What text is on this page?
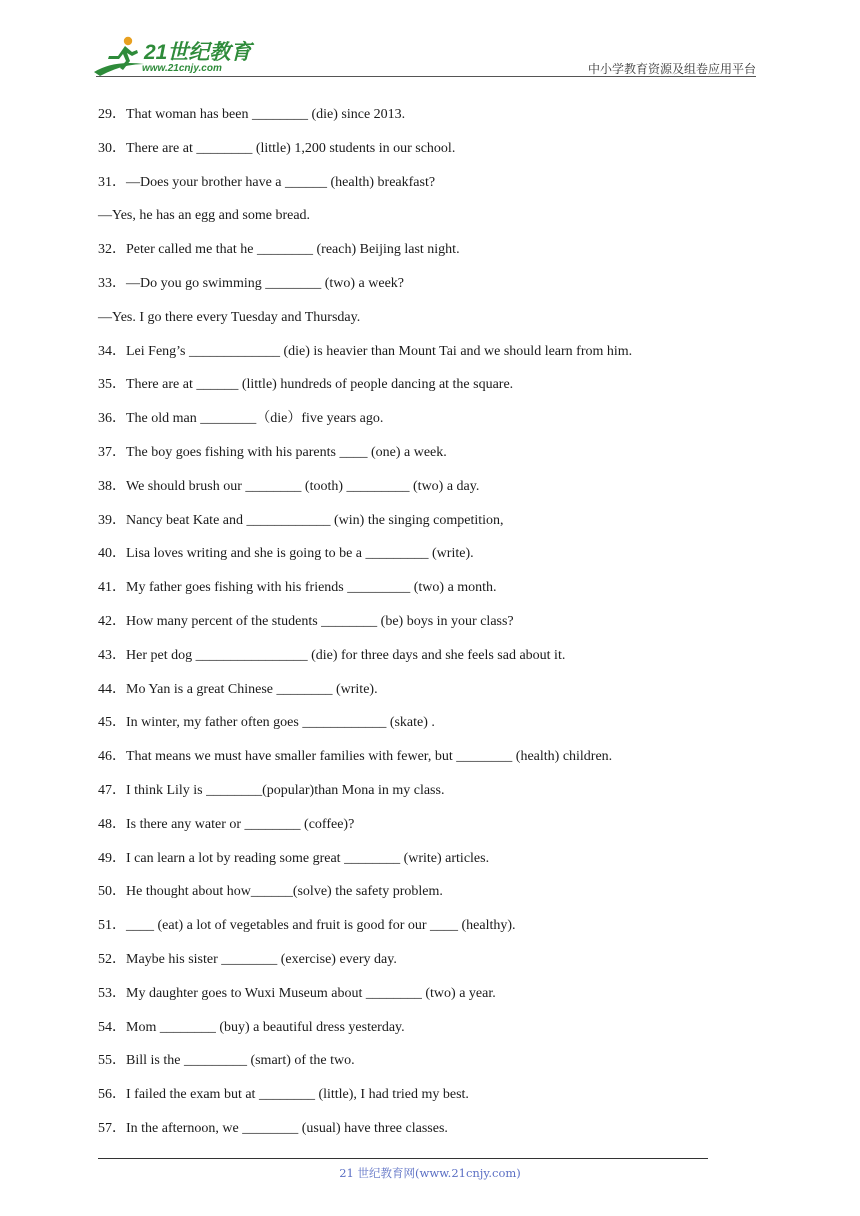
21世纪教育
www.21cnjy.com	中小学教育资源及组卷应用平台
29．That woman has been ________ (die) since 2013.
30．There are at ________ (little) 1,200 students in our school.
31．—Does your brother have a ______ (health) breakfast?
—Yes, he has an egg and some bread.
32．Peter called me that he ________ (reach) Beijing last night.
33．—Do you go swimming ________ (two) a week?
—Yes. I go there every Tuesday and Thursday.
34．Lei Feng’s _____________ (die) is heavier than Mount Tai and we should learn from him.
35．There are at ______ (little) hundreds of people dancing at the square.
36．The old man ________（die）five years ago.
37．The boy goes fishing with his parents ____ (one) a week.
38．We should brush our ________ (tooth) _________ (two) a day.
39．Nancy beat Kate and ____________ (win) the singing competition,
40．Lisa loves writing and she is going to be a _________ (write).
41．My father goes fishing with his friends _________ (two) a month.
42．How many percent of the students ________ (be) boys in your class?
43．Her pet dog ________________ (die) for three days and she feels sad about it.
44．Mo Yan is a great Chinese ________ (write).
45．In winter, my father often goes ____________ (skate) .
46．That means we must have smaller families with fewer, but ________ (health) children.
47．I think Lily is ________(popular)than Mona in my class.
48．Is there any water or ________ (coffee)?
49．I can learn a lot by reading some great ________ (write) articles.
50．He thought about how______(solve) the safety problem.
51．____ (eat) a lot of vegetables and fruit is good for our ____ (healthy).
52．Maybe his sister ________ (exercise) every day.
53．My daughter goes to Wuxi Museum about ________ (two) a year.
54．Mom ________ (buy) a beautiful dress yesterday.
55．Bill is the _________ (smart) of the two.
56．I failed the exam but at ________ (little), I had tried my best.
57．In the afternoon, we ________ (usual) have three classes.
21 世纪教育网(www.21cnjy.com)
